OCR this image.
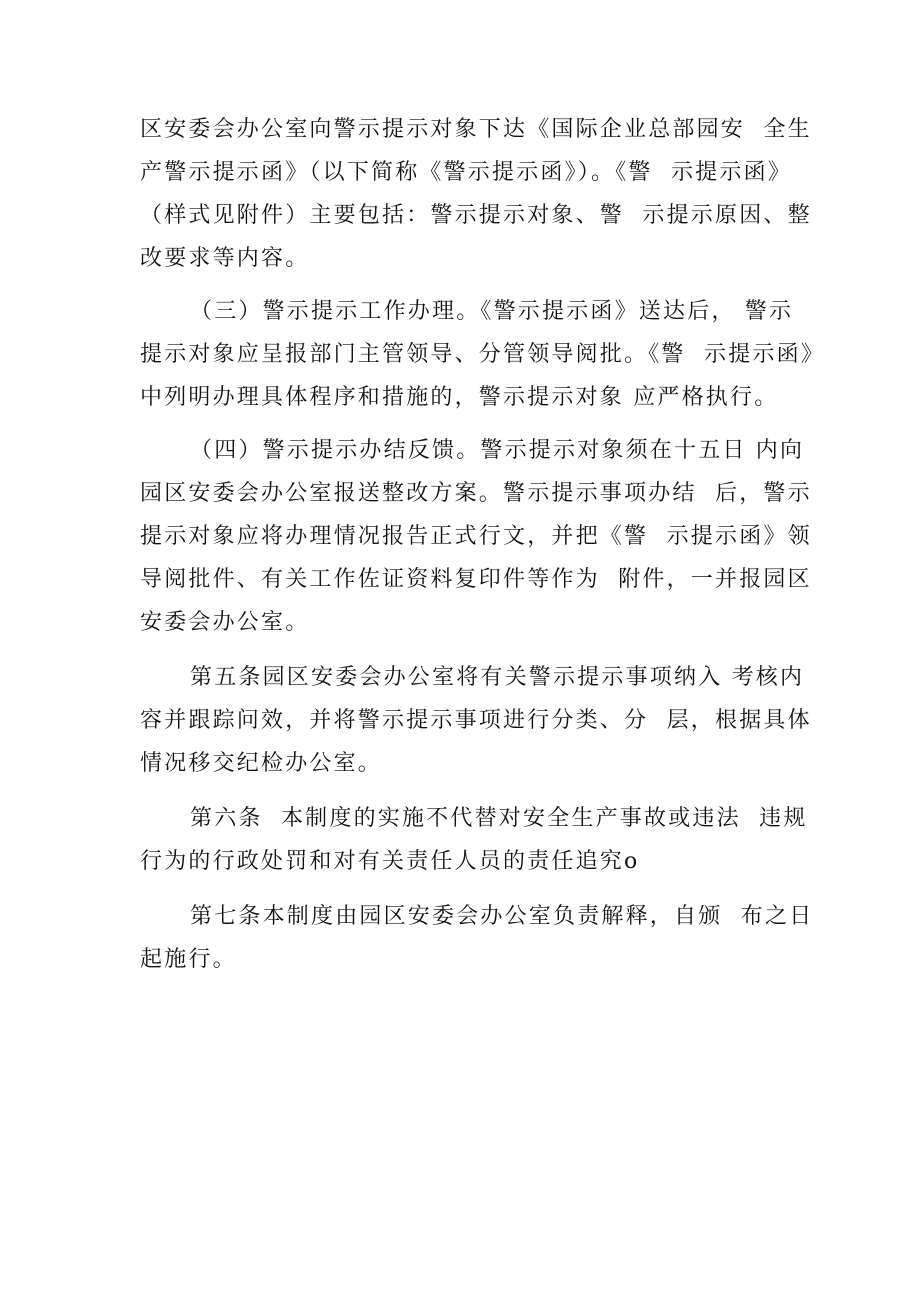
区安委会办公室向警示提示对象下达《国际企业总部园安  全生
产警示提示函》（以下简称《警示提示函》）。《警  示提示函》
（样式见附件）主要包括：警示提示对象、警  示提示原因、整
改要求等内容。
（三）警示提示工作办理。《警示提示函》送达后， 警示
提示对象应呈报部门主管领导、分管领导阅批。《警  示提示函》
中列明办理具体程序和措施的，警示提示对象 应严格执行。
（四）警示提示办结反馈。警示提示对象须在十五日 内向
园区安委会办公室报送整改方案。警示提示事项办结  后，警示
提示对象应将办理情况报告正式行文，并把《警  示提示函》领
导阅批件、有关工作佐证资料复印件等作为  附件，一并报园区
安委会办公室。
第五条园区安委会办公室将有关警示提示事项纳入 考核内
容并跟踪问效，并将警示提示事项进行分类、分  层，根据具体
情况移交纪检办公室。
第六条  本制度的实施不代替对安全生产事故或违法  违规
行为的行政处罚和对有关责任人员的责任追究o
第七条本制度由园区安委会办公室负责解释，自颁  布之日
起施行。
